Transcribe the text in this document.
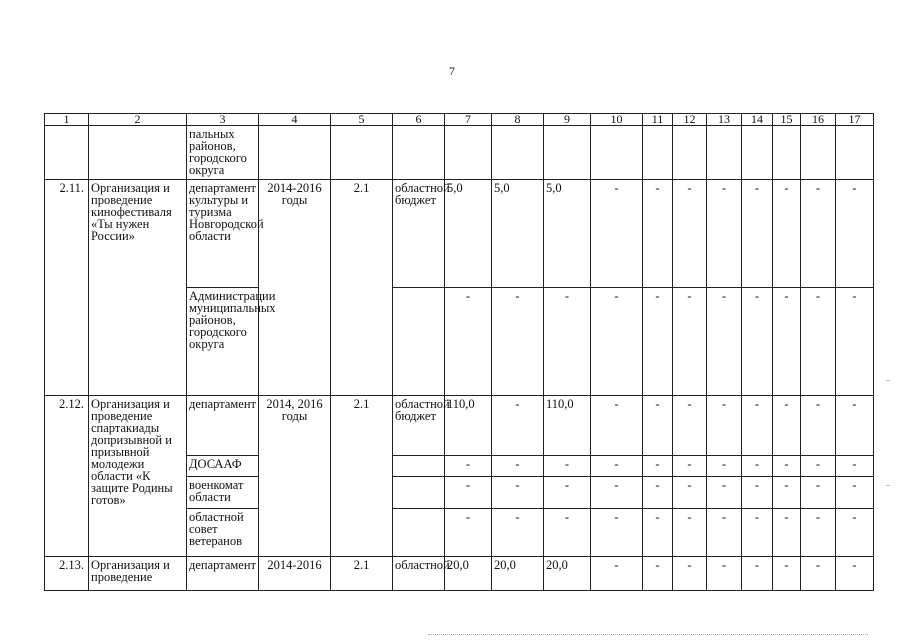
7
1	2	3	4	5	6	7	8	9	10	11	12	13	14	15	16	17
		пальных районов, городского округа														
2.11.	Организация и проведение кинофестиваля «Ты нужен России»	департамент культуры и туризма Новгородской области	2014-2016 годы	2.1	областной бюджет	5,0	5,0	5,0	-	-	-	-	-	-	-	-
		Администрации муниципальных районов, городского округа				-	-	-	-	-	-	-	-	-	-	-
2.12.	Организация и проведение спартакиады допризывной и призывной молодежи области «К защите Родины готов»	департамент	2014, 2016 годы	2.1	областной бюджет	110,0	-	110,0	-	-	-	-	-	-	-	-
		ДОСААФ				-	-	-	-	-	-	-	-	-	-	-
		военкомат области				-	-	-	-	-	-	-	-	-	-	-
		областной совет ветеранов				-	-	-	-	-	-	-	-	-	-	-
2.13.	Организация и проведение	департамент	2014-2016	2.1	областной	20,0	20,0	20,0	-	-	-	-	-	-	-	-
